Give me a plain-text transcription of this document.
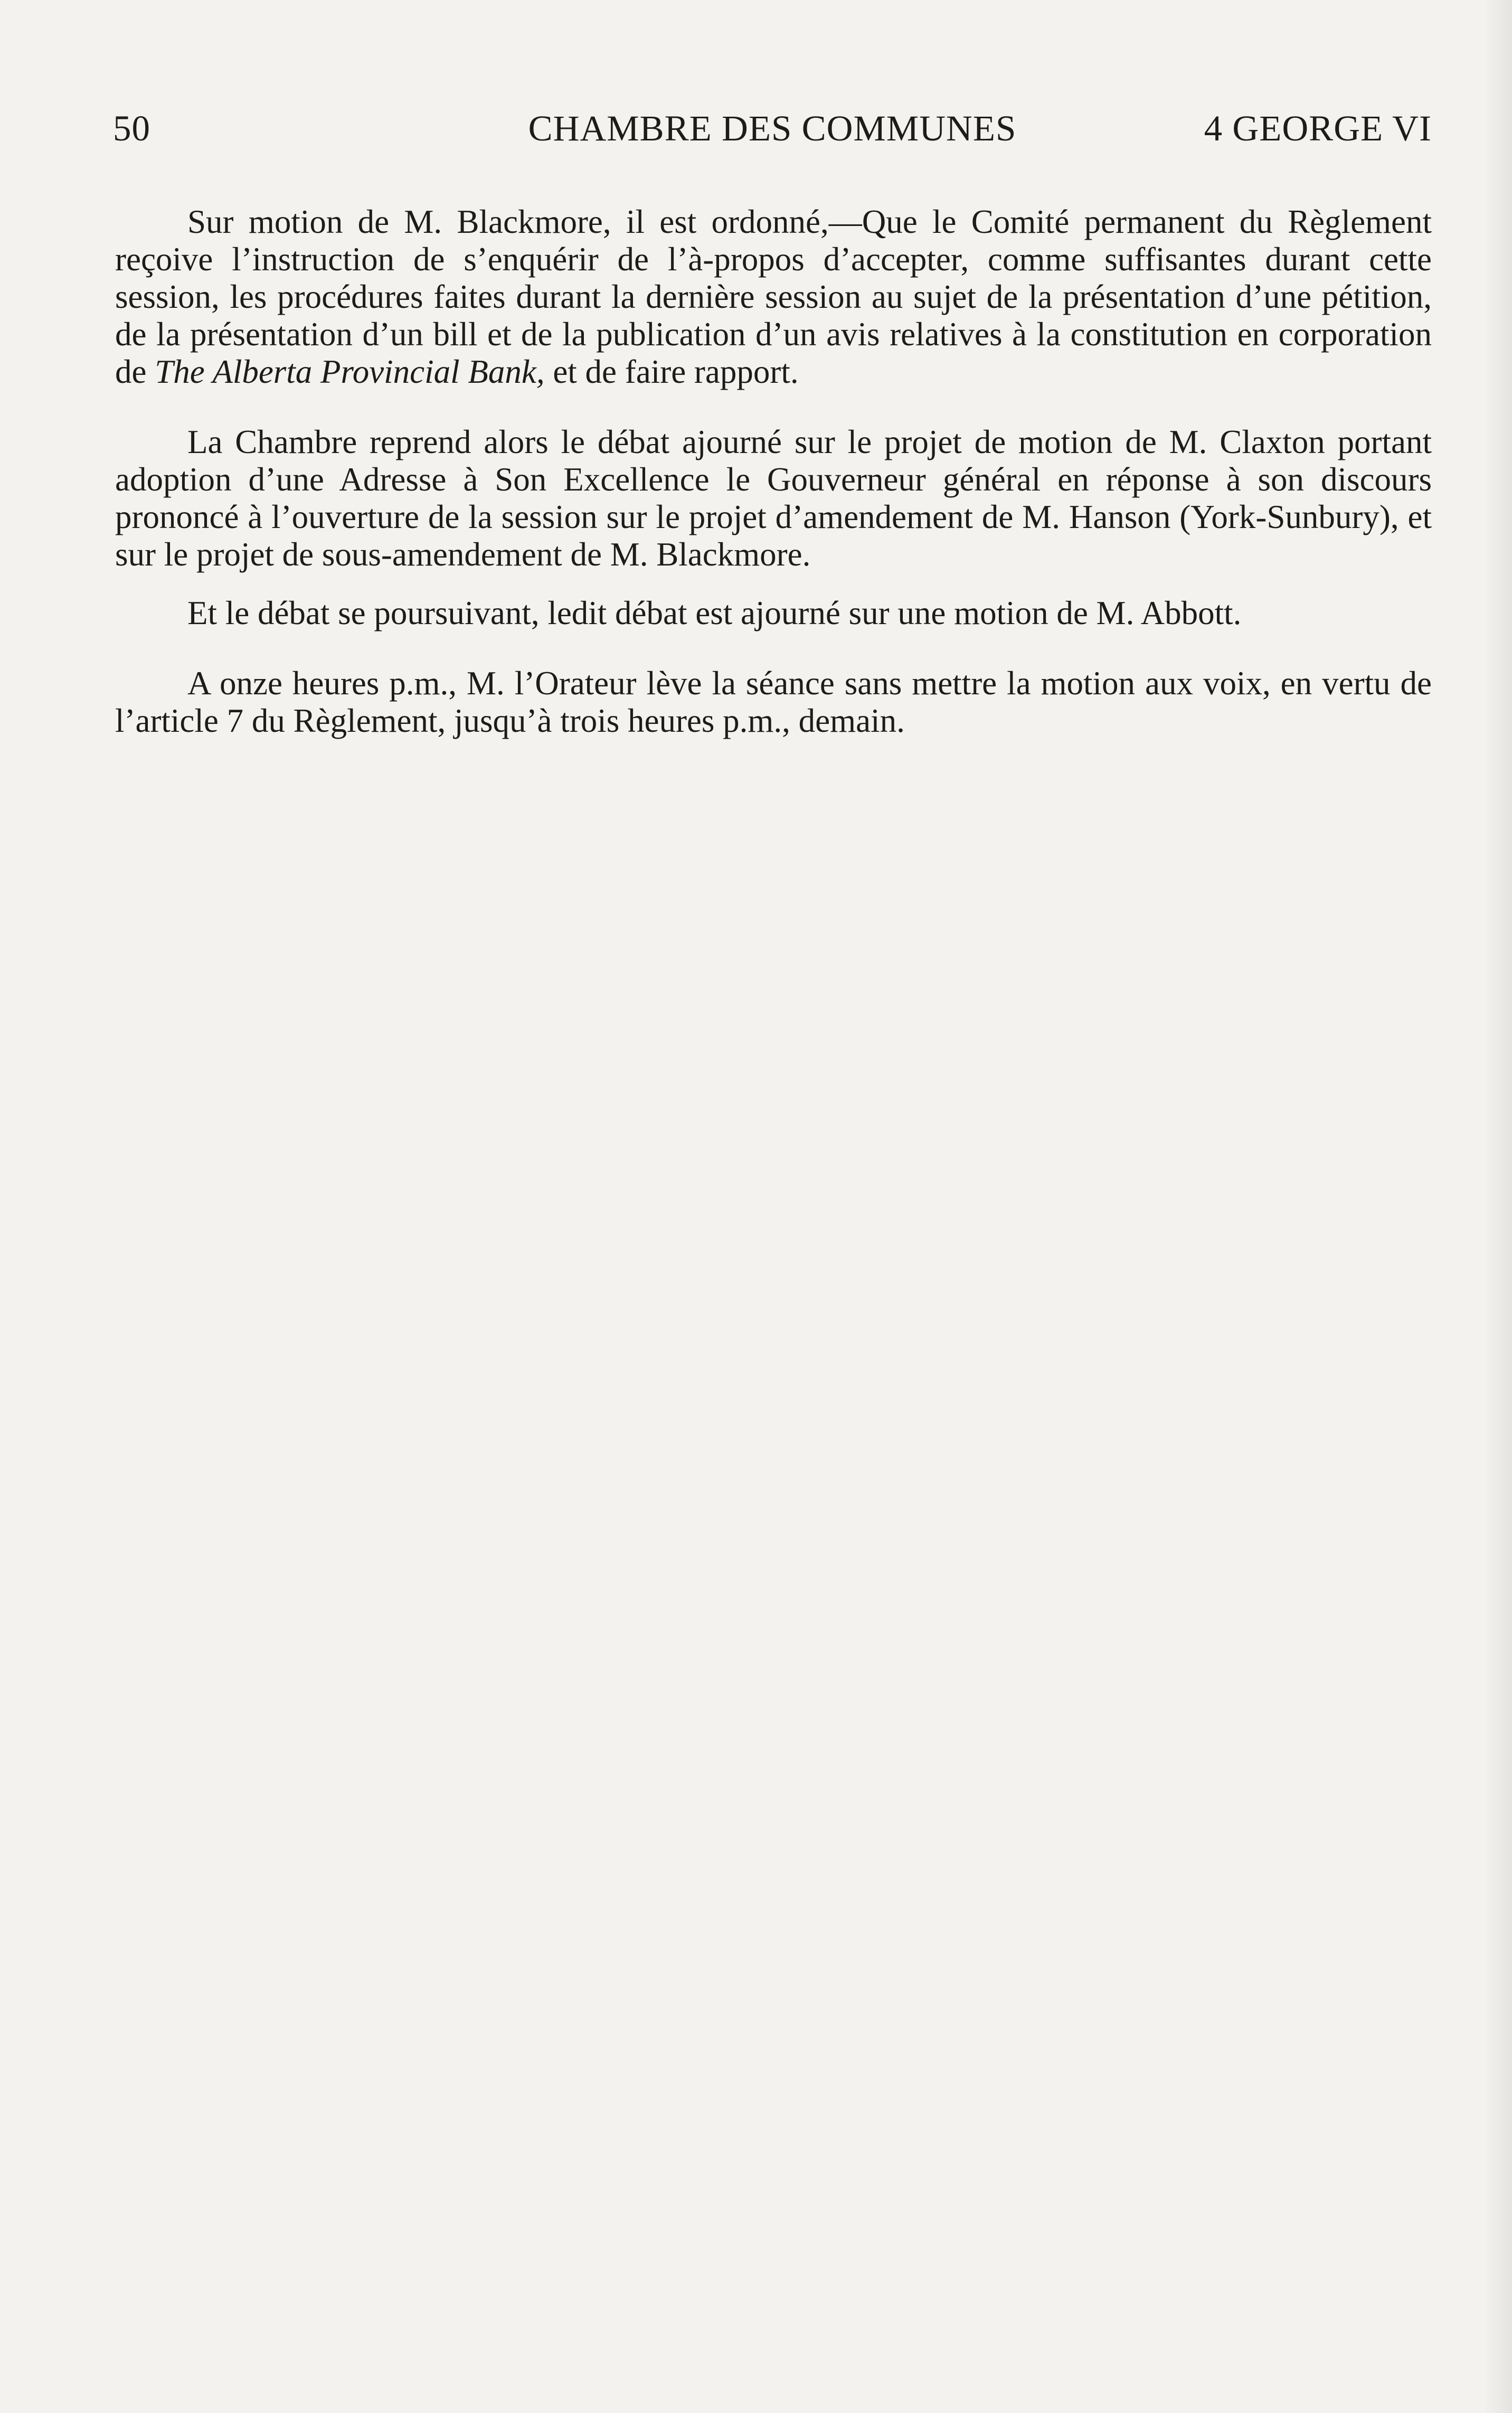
50	CHAMBRE DES COMMUNES	4 GEORGE VI

Sur motion de M. Blackmore, il est ordonné,—Que le Comité permanent du Règlement reçoive l’instruction de s’enquérir de l’à-propos d’accepter, comme suffisantes durant cette session, les procédures faites durant la dernière session au sujet de la présentation d’une pétition, de la présentation d’un bill et de la publication d’un avis relatives à la constitution en corporation de The Alberta Provincial Bank, et de faire rapport.

La Chambre reprend alors le débat ajourné sur le projet de motion de M. Claxton portant adoption d’une Adresse à Son Excellence le Gouverneur général en réponse à son discours prononcé à l’ouverture de la session sur le projet d’amendement de M. Hanson (York-Sunbury), et sur le projet de sous-amendement de M. Blackmore.

Et le débat se poursuivant, ledit débat est ajourné sur une motion de M. Abbott.

A onze heures p.m., M. l’Orateur lève la séance sans mettre la motion aux voix, en vertu de l’article 7 du Règlement, jusqu’à trois heures p.m., demain.
